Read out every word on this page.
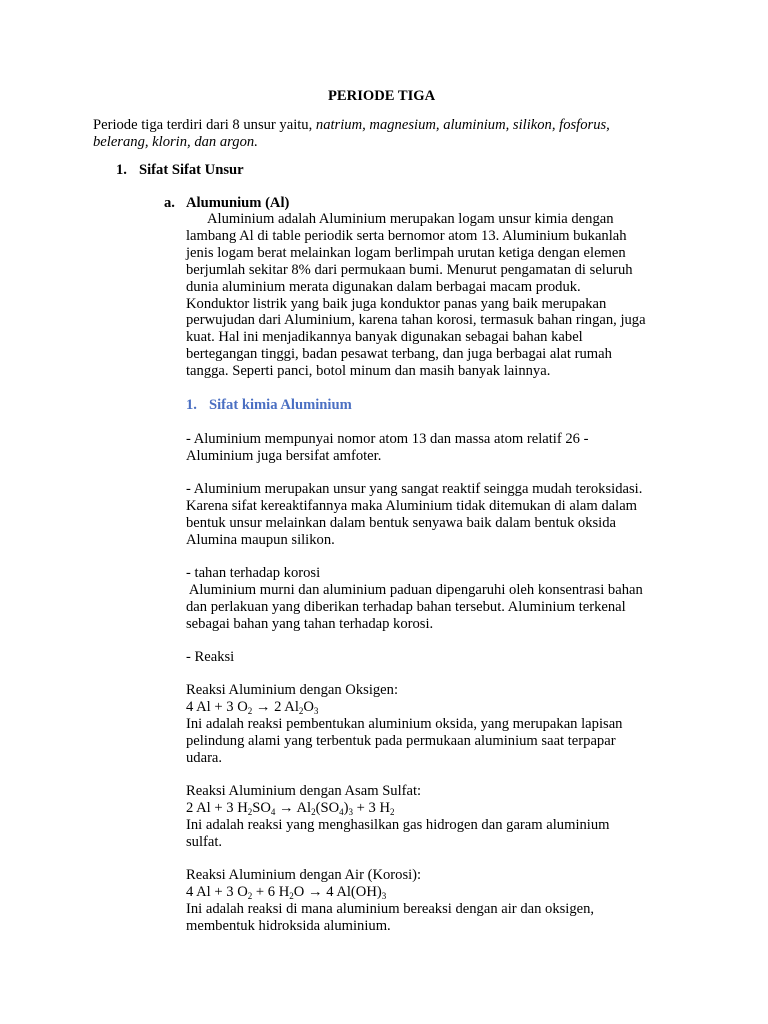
PERIODE TIGA
Periode tiga terdiri dari 8 unsur yaitu, natrium, magnesium, aluminium, silikon, fosforus,
belerang, klorin, dan argon.
1. Sifat Sifat Unsur
a. Alumunium (Al)
Aluminium adalah Aluminium merupakan logam unsur kimia dengan
lambang Al di table periodik serta bernomor atom 13. Aluminium bukanlah
jenis logam berat melainkan logam berlimpah urutan ketiga dengan elemen
berjumlah sekitar 8% dari permukaan bumi. Menurut pengamatan di seluruh
dunia aluminium merata digunakan dalam berbagai macam produk.
Konduktor listrik yang baik juga konduktor panas yang baik merupakan
perwujudan dari Aluminium, karena tahan korosi, termasuk bahan ringan, juga
kuat. Hal ini menjadikannya banyak digunakan sebagai bahan kabel
bertegangan tinggi, badan pesawat terbang, dan juga berbagai alat rumah
tangga. Seperti panci, botol minum dan masih banyak lainnya.
1. Sifat kimia Aluminium
- Aluminium mempunyai nomor atom 13 dan massa atom relatif 26 -
Aluminium juga bersifat amfoter.
- Aluminium merupakan unsur yang sangat reaktif seingga mudah teroksidasi.
Karena sifat kereaktifannya maka Aluminium tidak ditemukan di alam dalam
bentuk unsur melainkan dalam bentuk senyawa baik dalam bentuk oksida
Alumina maupun silikon.
- tahan terhadap korosi
Aluminium murni dan aluminium paduan dipengaruhi oleh konsentrasi bahan
dan perlakuan yang diberikan terhadap bahan tersebut. Aluminium terkenal
sebagai bahan yang tahan terhadap korosi.
- Reaksi
Reaksi Aluminium dengan Oksigen:
4 Al + 3 $O_2 \to 2$ $Al_2O_3$
Ini adalah reaksi pembentukan aluminium oksida, yang merupakan lapisan
pelindung alami yang terbentuk pada permukaan aluminium saat terpapar
udara.
Reaksi Aluminium dengan Asam Sulfat:
2 Al + 3 $H_2SO_4 \to Al_2(SO_4)_3 + 3$ $H_2$
Ini adalah reaksi yang menghasilkan gas hidrogen dan garam aluminium
sulfat.
Reaksi Aluminium dengan Air (Korosi):
4 Al + 3 $O_2 + 6$ $H_2O \to 4$ $Al(OH)_3$
Ini adalah reaksi di mana aluminium bereaksi dengan air dan oksigen,
membentuk hidroksida aluminium.
